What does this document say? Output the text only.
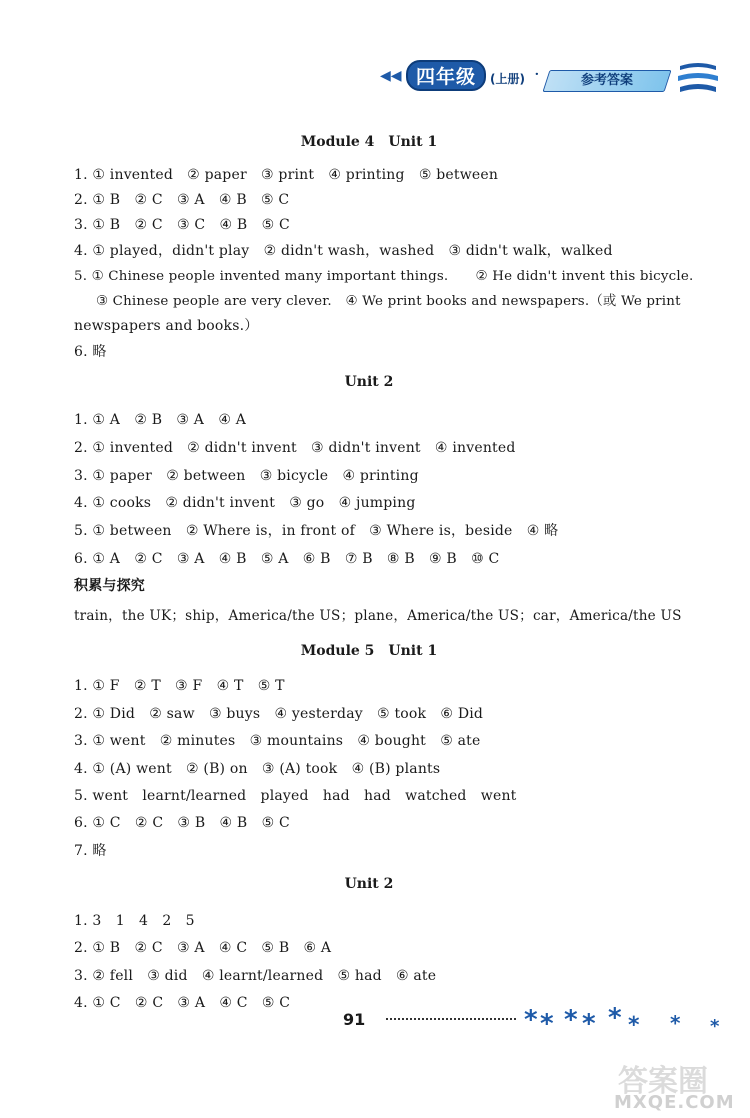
◀◀ 四年级	(上册) ·	参考答案
Module 4　Unit 1
1. ① invented　② paper　③ print　④ printing　⑤ between
2. ① B　② C　③ A　④ B　⑤ C
3. ① B　② C　③ C　④ B　⑤ C
4. ① played，didn't play　② didn't wash，washed　③ didn't walk，walked
5. ① Chinese people invented many important things.　　② He didn't invent this bicycle.
③ Chinese people are very clever.　④ We print books and newspapers.（或 We print
newspapers and books.）
6. 略
Unit 2
1. ① A　② B　③ A　④ A
2. ① invented　② didn't invent　③ didn't invent　④ invented
3. ① paper　② between　③ bicycle　④ printing
4. ① cooks　② didn't invent　③ go　④ jumping
5. ① between　② Where is，in front of　③ Where is，beside　④ 略
6. ① A　② C　③ A　④ B　⑤ A　⑥ B　⑦ B　⑧ B　⑨ B　⑩ C
积累与探究
train，the UK；ship，America/the US；plane，America/the US；car，America/the US
Module 5　Unit 1
1. ① F　② T　③ F　④ T　⑤ T
2. ① Did　② saw　③ buys　④ yesterday　⑤ took　⑥ Did
3. ① went　② minutes　③ mountains　④ bought　⑤ ate
4. ① (A) went　② (B) on　③ (A) took　④ (B) plants
5. went　learnt/learned　played　had　had　watched　went
6. ① C　② C　③ B　④ B　⑤ C
7. 略
Unit 2
1. 3　1　4　2　5
2. ① B　② C　③ A　④ C　⑤ B　⑥ A
3. ② fell　③ did　④ learnt/learned　⑤ had　⑥ ate
4. ① C　② C　③ A　④ C　⑤ C
91	* * * * * * * *
答案圈
MXQE.COM
